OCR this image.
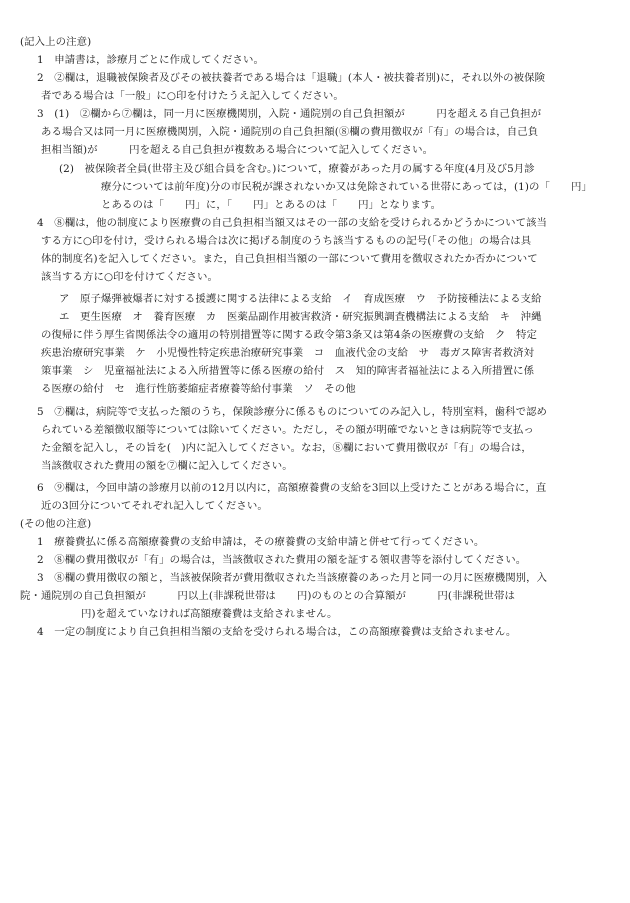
(記入上の注意)
1　申請書は，診療月ごとに作成してください。
2　②欄は，退職被保険者及びその被扶養者である場合は「退職」(本人・被扶養者別)に，それ以外の被保険
者である場合は「一般」に○印を付けたうえ記入してください。
3　(1)　②欄から⑦欄は，同一月に医療機関別，入院・通院別の自己負担額が　　　円を超える自己負担が
ある場合又は同一月に医療機関別，入院・通院別の自己負担額(⑧欄の費用徴収が「有」の場合は，自己負
担相当額)が　　　円を超える自己負担が複数ある場合について記入してください。
(2)　被保険者全員(世帯主及び組合員を含む。)について，療養があった月の属する年度(4月及び5月診
療分については前年度)分の市民税が課されないか又は免除されている世帯にあっては，(1)の「　　円」
とあるのは「　　円」に，「　　円」とあるのは「　　円」となります。
4　⑧欄は，他の制度により医療費の自己負担相当額又はその一部の支給を受けられるかどうかについて該当
する方に○印を付け，受けられる場合は次に掲げる制度のうち該当するものの記号(「その他」の場合は具
体的制度名)を記入してください。また，自己負担相当額の一部について費用を徴収されたか否かについて
該当する方に○印を付けてください。
ア　原子爆弾被爆者に対する援護に関する法律による支給　イ　育成医療　ウ　予防接種法による支給
エ　更生医療　オ　養育医療　カ　医薬品副作用被害救済・研究振興調査機構法による支給　キ　沖縄
の復帰に伴う厚生省関係法令の適用の特別措置等に関する政令第3条又は第4条の医療費の支給　ク　特定
疾患治療研究事業　ケ　小児慢性特定疾患治療研究事業　コ　血液代金の支給　サ　毒ガス障害者救済対
策事業　シ　児童福祉法による入所措置等に係る医療の給付　ス　知的障害者福祉法による入所措置に係
る医療の給付　セ　進行性筋萎縮症者療養等給付事業　ソ　その他
5　⑦欄は，病院等で支払った額のうち，保険診療分に係るものについてのみ記入し，特別室料，歯科で認め
られている差額徴収額等については除いてください。ただし，その額が明確でないときは病院等で支払っ
た金額を記入し，その旨を(　)内に記入してください。なお，⑧欄において費用徴収が「有」の場合は，
当該徴収された費用の額を⑦欄に記入してください。
6　⑨欄は，今回申請の診療月以前の12月以内に，高額療養費の支給を3回以上受けたことがある場合に，直
近の3回分についてそれぞれ記入してください。
(その他の注意)
1　療養費払に係る高額療養費の支給申請は，その療養費の支給申請と併せて行ってください。
2　⑧欄の費用徴収が「有」の場合は，当該徴収された費用の額を証する領収書等を添付してください。
3　⑧欄の費用徴収の額と，当該被保険者が費用徴収された当該療養のあった月と同一の月に医療機関別，入
院・通院別の自己負担額が　　　円以上(非課税世帯は　　円)のものとの合算額が　　　円(非課税世帯は
円)を超えていなければ高額療養費は支給されません。
4　一定の制度により自己負担相当額の支給を受けられる場合は，この高額療養費は支給されません。
